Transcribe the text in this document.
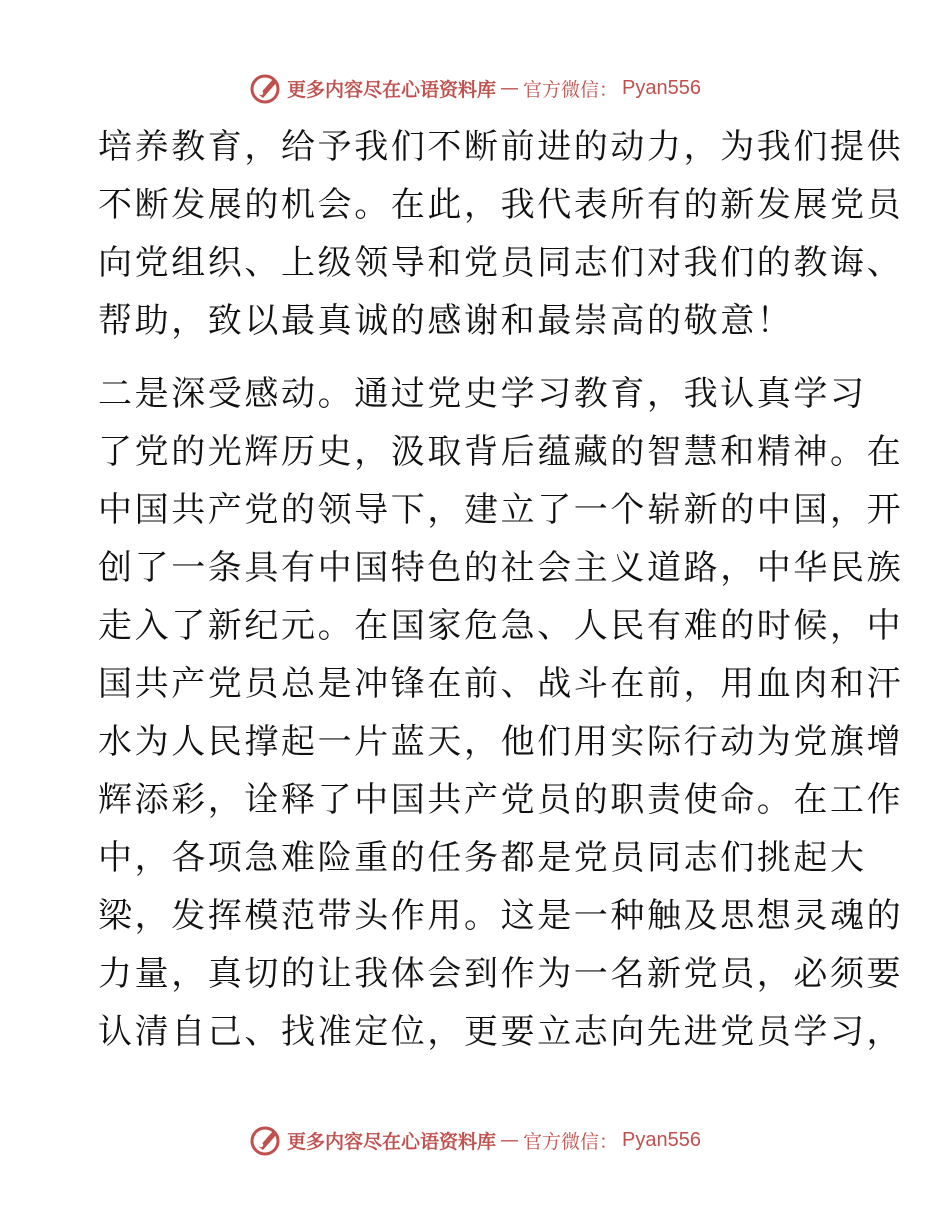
更多内容尽在心语资料库 — 官方微信： Pyan556
培养教育，给予我们不断前进的动力，为我们提供
不断发展的机会。在此，我代表所有的新发展党员
向党组织、上级领导和党员同志们对我们的教诲、
帮助，致以最真诚的感谢和最崇高的敬意！
二是深受感动。通过党史学习教育，我认真学习
了党的光辉历史，汲取背后蕴藏的智慧和精神。在
中国共产党的领导下，建立了一个崭新的中国，开
创了一条具有中国特色的社会主义道路，中华民族
走入了新纪元。在国家危急、人民有难的时候，中
国共产党员总是冲锋在前、战斗在前，用血肉和汗
水为人民撑起一片蓝天，他们用实际行动为党旗增
辉添彩，诠释了中国共产党员的职责使命。在工作
中，各项急难险重的任务都是党员同志们挑起大
梁，发挥模范带头作用。这是一种触及思想灵魂的
力量，真切的让我体会到作为一名新党员，必须要
认清自己、找准定位，更要立志向先进党员学习，
更多内容尽在心语资料库 — 官方微信： Pyan556
